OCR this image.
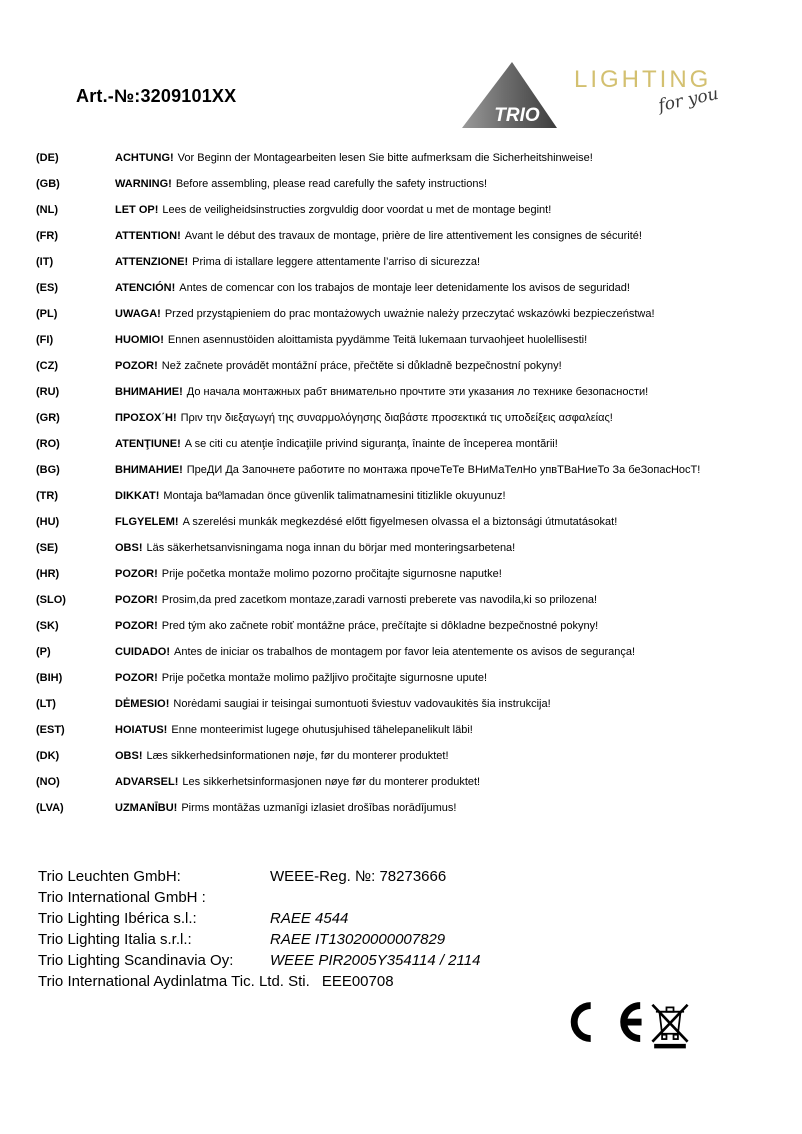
Art.-№:3209101XX
TRIO
LIGHTING
for you
(DE)	ACHTUNG! Vor Beginn der Montagearbeiten lesen Sie bitte aufmerksam die Sicherheitshinweise!
(GB)	WARNING! Before assembling, please read carefully the safety instructions!
(NL)	LET OP! Lees de veiligheidsinstructies zorgvuldig door voordat u met de montage begint!
(FR)	ATTENTION! Avant le début des travaux de montage, prière de lire attentivement les consignes de sécurité!
(IT)	ATTENZIONE! Prima di istallare leggere attentamente l’arriso di sicurezza!
(ES)	ATENCIÓN! Antes de comencar con los trabajos de montaje leer detenidamente los avisos de seguridad!
(PL)	UWAGA! Przed przystąpieniem do prac montażowych uważnie należy przeczytać wskazówki bezpieczeństwa!
(FI)	HUOMIO! Ennen asennustöiden aloittamista pyydämme Teitä lukemaan turvaohjeet huolellisesti!
(CZ)	POZOR! Než začnete provádět montážní práce, přečtěte si důkladně bezpečnostní pokyny!
(RU)	ВНИМАНИЕ! До начала монтажных рабт внимательно прочтите эти указания ло технике безопасности!
(GR)	ΠΡΟΣΟΧ΄Η! Πριν την διεξαγωγή της συναρμολόγησης διαβάστε προσεκτικά τις υποδείξεις ασφαλείας!
(RO)	ATENŢIUNE! A se citi cu atenţie îndicaţiile privind siguranţa, înainte de începerea montării!
(BG)	ВНИМАНИЕ! ПреДИ Да Започнете работите по монтажа прочеТеТе ВНиМаТелНо упвТВаНиеТо За беЗопасНосТ!
(TR)	DIKKAT! Montaja baºlamadan önce güvenlik talimatnamesini titizlikle okuyunuz!
(HU)	FLGYELEM! A szerelési munkák megkezdésé előtt figyelmesen olvassa el a biztonsági útmutatásokat!
(SE)	OBS! Läs säkerhetsanvisningama noga innan du börjar med monteringsarbetena!
(HR)	POZOR! Prije početka montaže molimo pozorno pročitajte sigurnosne naputke!
(SLO)	POZOR! Prosim,da pred zacetkom montaze,zaradi varnosti preberete vas navodila,ki so prilozena!
(SK)	POZOR! Pred tým ako začnete robiť montážne práce, prečítajte si dôkladne bezpečnostné pokyny!
(P)	CUIDADO! Antes de iniciar os trabalhos de montagem por favor leia atentemente os avisos de segurança!
(BIH)	POZOR! Prije početka montaže molimo pažljivo pročitajte sigurnosne upute!
(LT)	DĖMESIO! Norėdami saugiai ir teisingai sumontuoti šviestuv vadovaukitės šia instrukcija!
(EST)	HOIATUS! Enne monteerimist lugege ohutusjuhised tähelepanelikult läbi!
(DK)	OBS! Læs sikkerhedsinformationen nøje, før du monterer produktet!
(NO)	ADVARSEL! Les sikkerhetsinformasjonen nøye før du monterer produktet!
(LVA)	UZMANĪBU! Pirms montāžas uzmanīgi izlasiet drošības norādījumus!
Trio Leuchten GmbH:	WEEE-Reg. №: 78273666
Trio International GmbH :
Trio Lighting Ibérica s.l.:	RAEE 4544
Trio Lighting Italia s.r.l.:	RAEE IT13020000007829
Trio Lighting Scandinavia Oy:	WEEE PIR2005Y354114 / 2114
Trio International Aydinlatma Tic. Ltd. Sti. EEE00708
